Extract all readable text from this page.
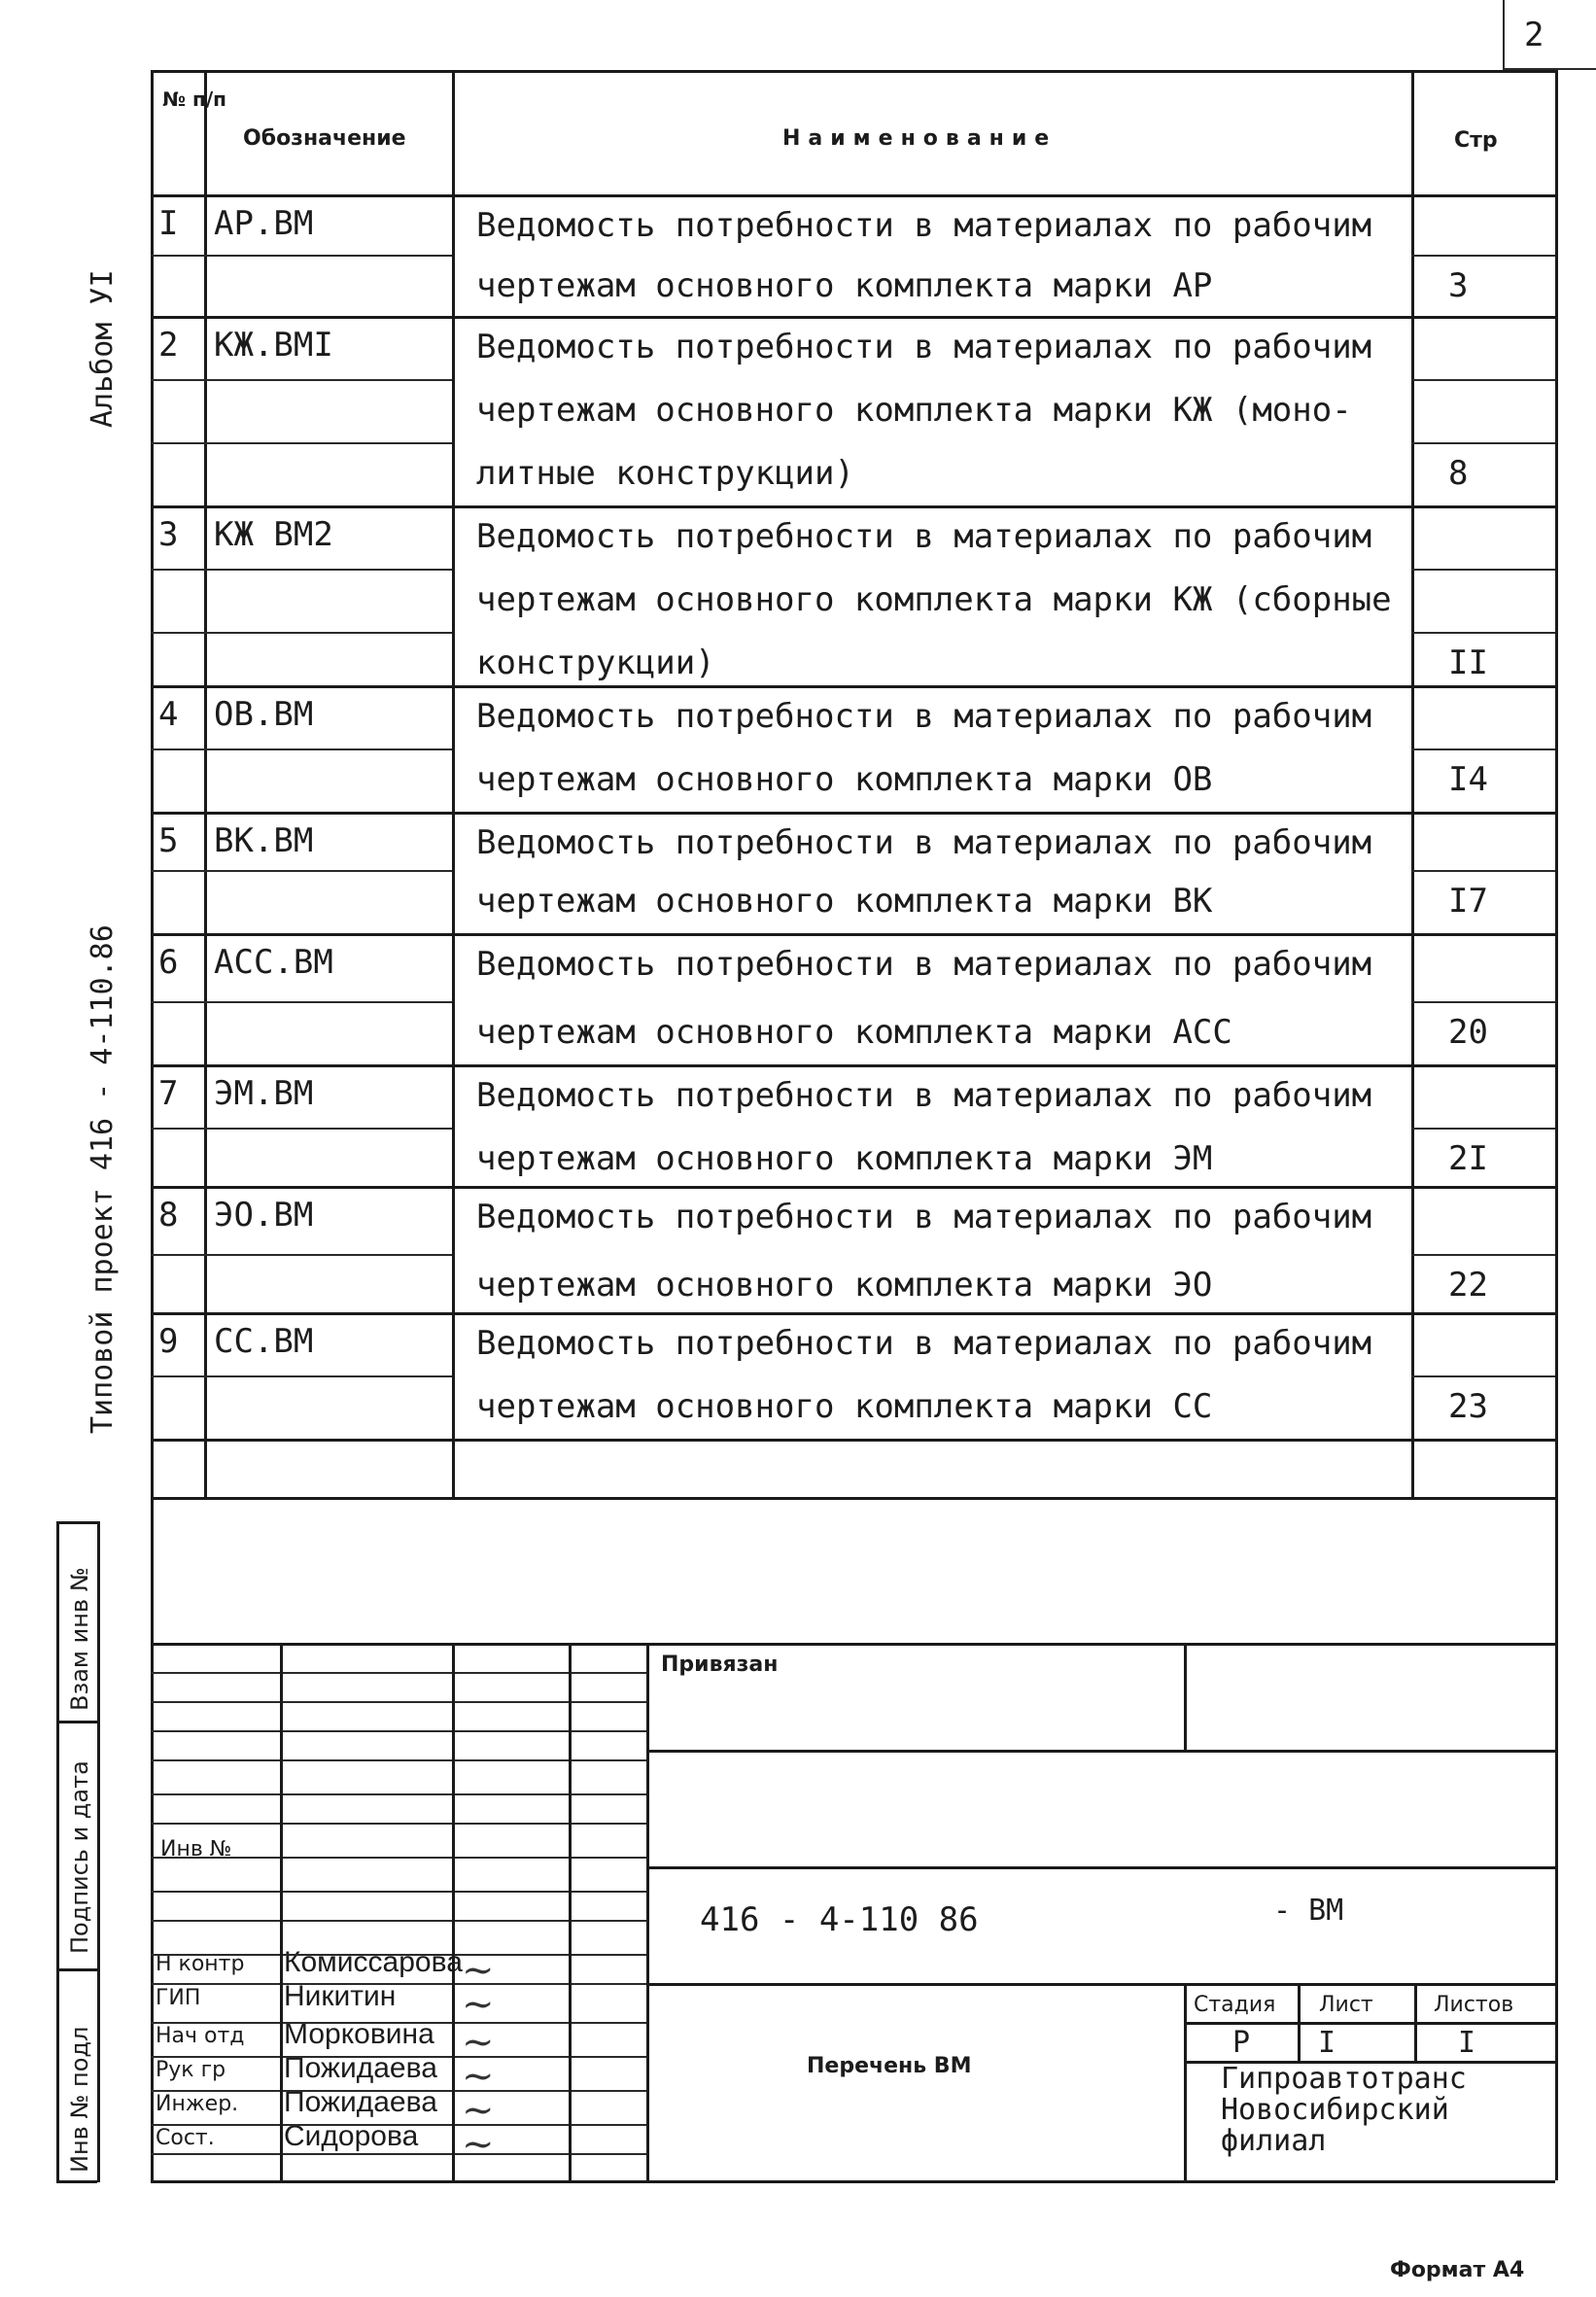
2
Альбом УI
Типовой проект 416 - 4-110.86
№ п/п
Обозначение	Наименование	Стр
Взам инв №
Подпись и дата
Инв № подл
Привязан
Инв №
416 - 4-110 86	- ВМ
Перечень ВМ
Стадия Лист	Листов
Р I	I
Гипроавтотранс
Новосибирский
филиал
Н контр Комиссарова ~
ГИП	Никитин ~
Нач отд Морковина ~
Рук гр Пожидаева ~
Инжер. Пожидаева ~
Сост. Сидорова ~
Формат А4
I АР.ВМ	Ведомость потребности в материалах по рабочим
чертежам основного комплекта марки АР	3
2 КЖ.ВМI	Ведомость потребности в материалах по рабочим
чертежам основного комплекта марки КЖ (моно-
литные конструкции)	8
3 КЖ ВМ2	Ведомость потребности в материалах по рабочим
чертежам основного комплекта марки КЖ (сборные
конструкции)	II
4 ОВ.ВМ	Ведомость потребности в материалах по рабочим
чертежам основного комплекта марки ОВ	I4
5 ВК.ВМ	Ведомость потребности в материалах по рабочим
чертежам основного комплекта марки ВК	I7
6 АСС.ВМ	Ведомость потребности в материалах по рабочим
чертежам основного комплекта марки АСС	20
7 ЭМ.ВМ	Ведомость потребности в материалах по рабочим
чертежам основного комплекта марки ЭМ	2I
8 ЭО.ВМ	Ведомость потребности в материалах по рабочим
чертежам основного комплекта марки ЭО	22
9 СС.ВМ	Ведомость потребности в материалах по рабочим
чертежам основного комплекта марки СС	23
